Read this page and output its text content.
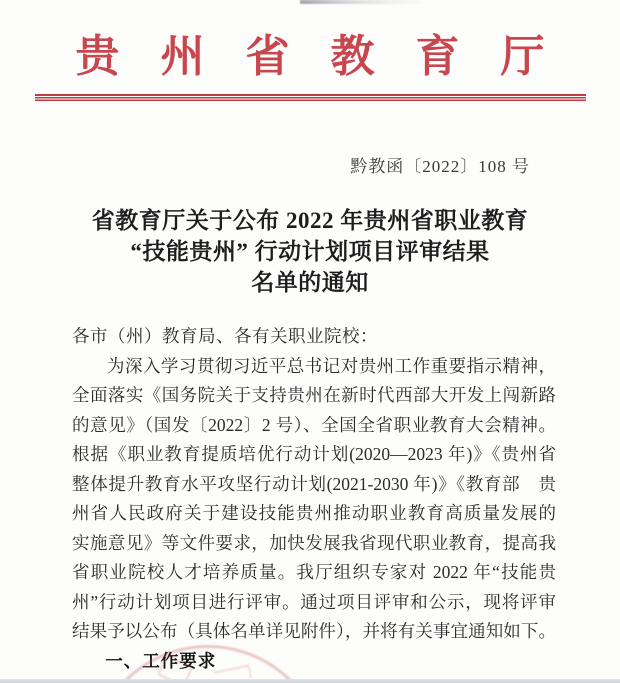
贵州省教育厅
黔教函〔2022〕108 号
省教育厅关于公布 2022 年贵州省职业教育
“技能贵州” 行动计划项目评审结果
名单的通知
各市（州）教育局、各有关职业院校：
为深入学习贯彻习近平总书记对贵州工作重要指示精神，
全面落实《国务院关于支持贵州在新时代西部大开发上闯新路
的意见》（国发〔2022〕2 号）、全国全省职业教育大会精神。
根据《职业教育提质培优行动计划(2020—2023 年)》《贵州省
整体提升教育水平攻坚行动计划(2021-2030 年)》《教育部　贵
州省人民政府关于建设技能贵州推动职业教育高质量发展的
实施意见》等文件要求，加快发展我省现代职业教育，提高我
省职业院校人才培养质量。我厅组织专家对 2022 年“技能贵
州”行动计划项目进行评审。通过项目评审和公示，现将评审
结果予以公布（具体名单详见附件），并将有关事宜通知如下。
一、工作要求
